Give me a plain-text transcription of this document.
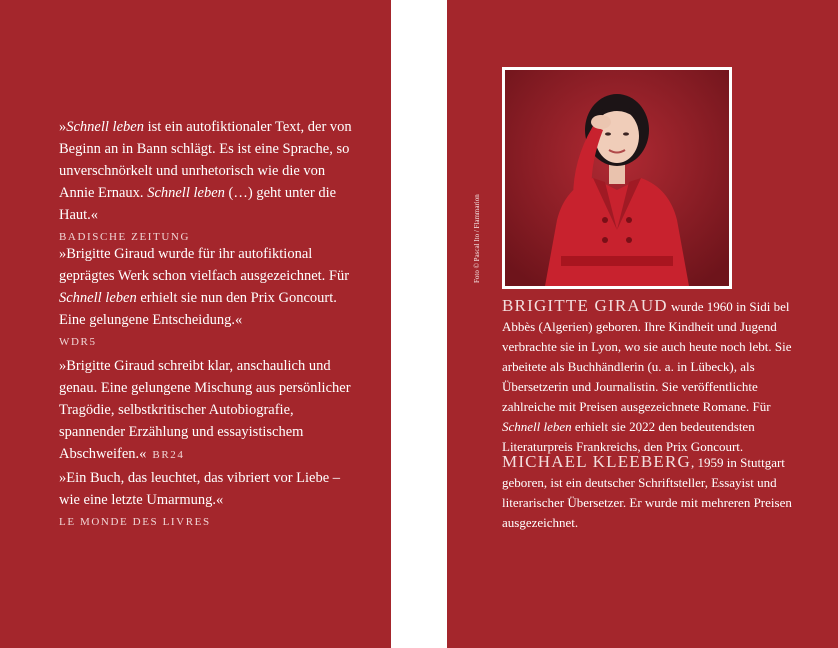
»Schnell leben ist ein autofiktionaler Text, der von Beginn an in Bann schlägt. Es ist eine Sprache, so unverschnörkelt und unrhetorisch wie die von Annie Ernaux. Schnell leben (…) geht unter die Haut.«
BADISCHE ZEITUNG
»Brigitte Giraud wurde für ihr autofiktional geprägtes Werk schon vielfach ausgezeichnet. Für Schnell leben erhielt sie nun den Prix Goncourt. Eine gelungene Entscheidung.«
WDR5
»Brigitte Giraud schreibt klar, anschaulich und genau. Eine gelungene Mischung aus persönlicher Tragödie, selbstkritischer Autobiografie, spannender Erzählung und essayistischem Abschweifen.« BR24
»Ein Buch, das leuchtet, das vibriert vor Liebe – wie eine letzte Umarmung.«
LE MONDE DES LIVRES
Foto © Pascal Ito / Flammarion
BRIGITTE GIRAUD wurde 1960 in Sidi bel Abbès (Algerien) geboren. Ihre Kindheit und Jugend verbrachte sie in Lyon, wo sie auch heute noch lebt. Sie arbeitete als Buchhändlerin (u. a. in Lübeck), als Übersetzerin und Journalistin. Sie veröffentlichte zahlreiche mit Preisen ausgezeichnete Romane. Für Schnell leben erhielt sie 2022 den bedeutendsten Literaturpreis Frankreichs, den Prix Goncourt.
MICHAEL KLEEBERG, 1959 in Stuttgart geboren, ist ein deutscher Schriftsteller, Essayist und literarischer Übersetzer. Er wurde mit mehreren Preisen ausgezeichnet.
